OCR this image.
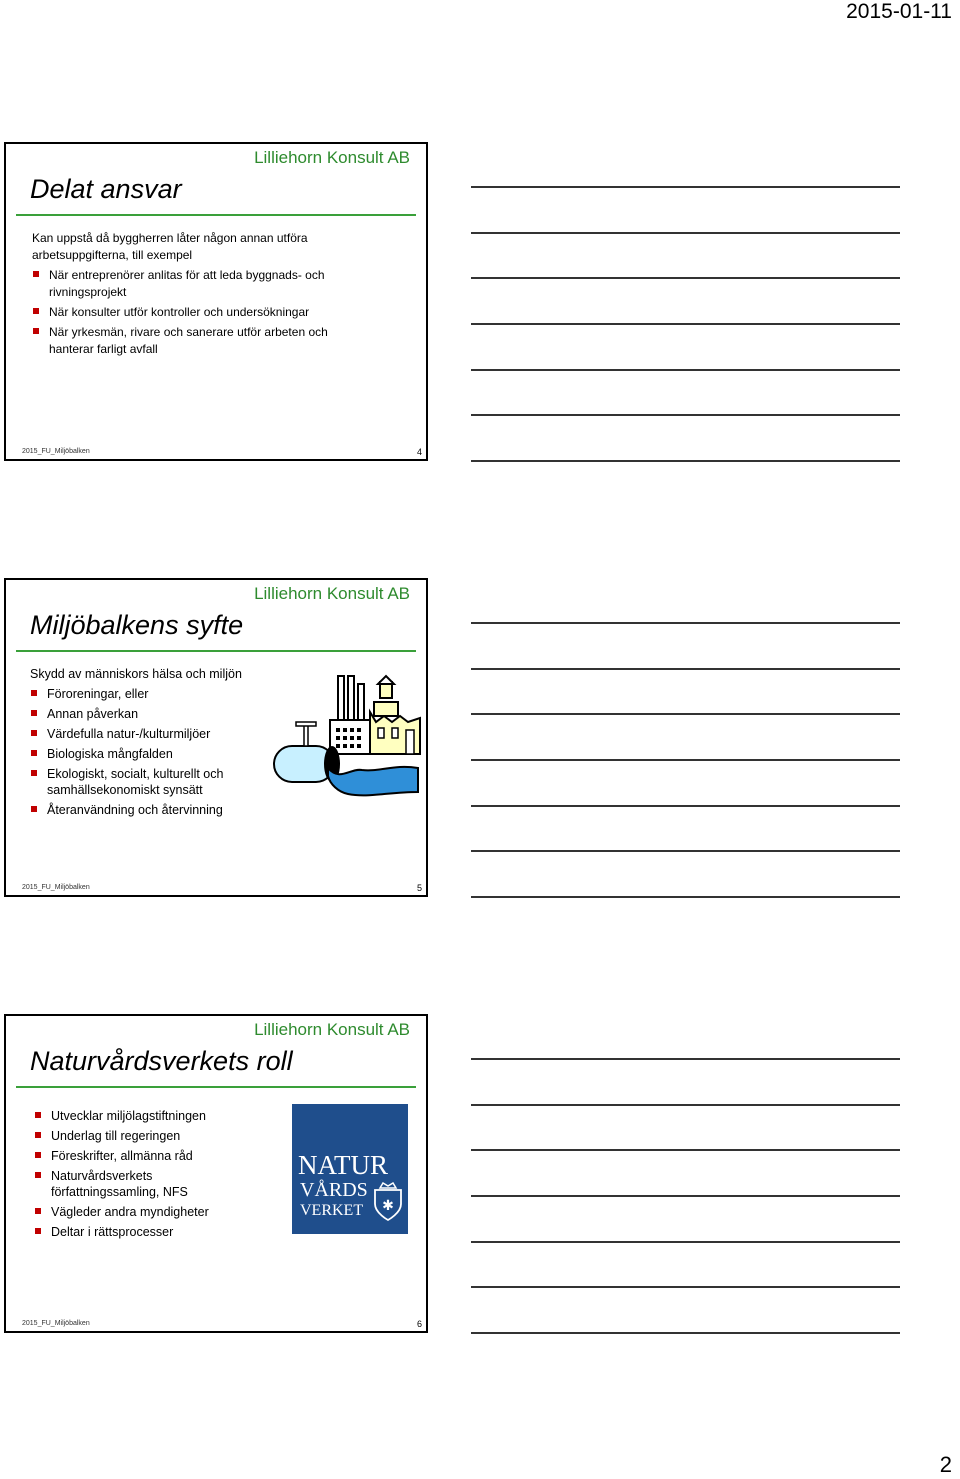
2015-01-11
Lilliehorn Konsult AB
Delat ansvar

Kan uppstå då byggherren låter någon annan utföra arbetsuppgifterna, till exempel

När entreprenörer anlitas för att leda byggnads- och rivningsprojekt
När konsulter utför kontroller och undersökningar
När yrkesmän, rivare och sanerare utför arbeten och hanterar farligt avfall
2015_FU_Miljöbalken	4
Lilliehorn Konsult AB
Miljöbalkens syfte

Skydd av människors hälsa och miljön

Föroreningar, eller
Annan påverkan
Värdefulla natur-/kulturmiljöer
Biologiska mångfalden
Ekologiskt, socialt, kulturellt och samhällsekonomiskt synsätt
Återanvändning och återvinning
2015_FU_Miljöbalken	5
Lilliehorn Konsult AB
Naturvårdsverkets roll
Utvecklar miljölagstiftningen
Underlag till regeringen
Föreskrifter, allmänna råd
Naturvårdsverkets författningssamling, NFS
Vägleder andra myndigheter
Deltar i rättsprocesser
NATUR
VÅRDS
VERKET ✱
2015_FU_Miljöbalken	6
2
